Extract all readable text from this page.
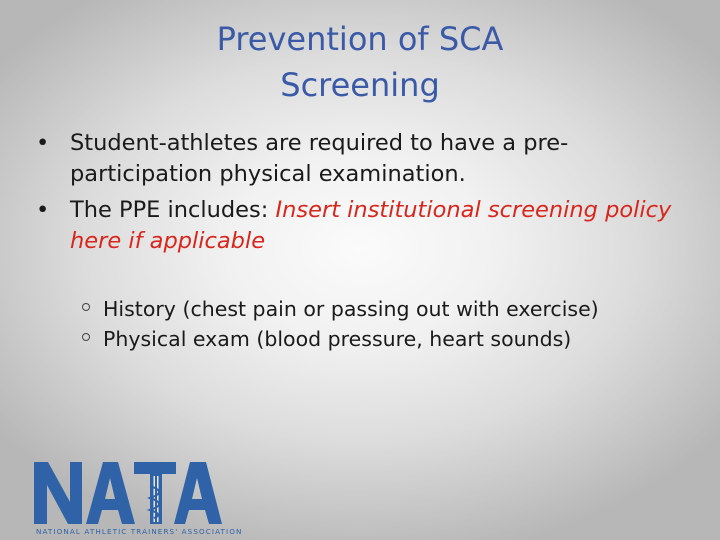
Prevention of SCA
Screening
• Student-athletes are required to have a pre-participation physical examination.
• The PPE includes: Insert institutional screening policy here if applicable
History (chest pain or passing out with exercise)
Physical exam (blood pressure, heart sounds)
NATIONAL ATHLETIC TRAINERS' ASSOCIATION
